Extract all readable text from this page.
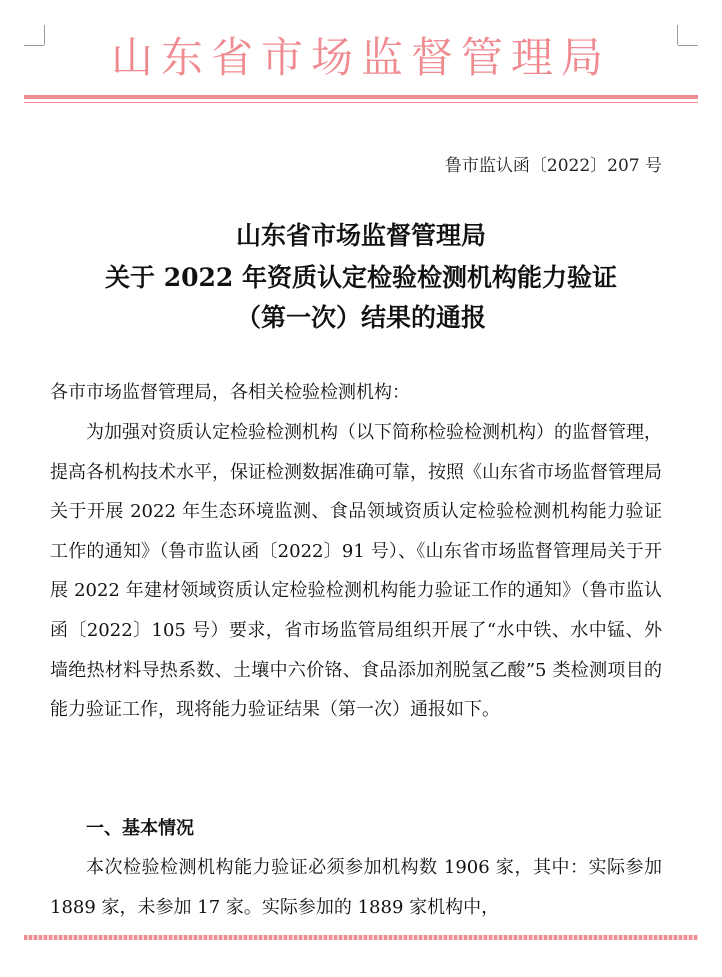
山东省市场监督管理局
鲁市监认函〔2022〕207 号
山东省市场监督管理局
关于 2022 年资质认定检验检测机构能力验证
（第一次）结果的通报
各市市场监督管理局，各相关检验检测机构：
为加强对资质认定检验检测机构（以下简称检验检测机构）的监督管理，提高各机构技术水平，保证检测数据准确可靠，按照《山东省市场监督管理局关于开展 2022 年生态环境监测、食品领域资质认定检验检测机构能力验证工作的通知》（鲁市监认函〔2022〕91 号）、《山东省市场监督管理局关于开展 2022 年建材领域资质认定检验检测机构能力验证工作的通知》（鲁市监认函〔2022〕105 号）要求，省市场监管局组织开展了“水中铁、水中锰、外墙绝热材料导热系数、土壤中六价铬、食品添加剂脱氢乙酸”5 类检测项目的能力验证工作，现将能力验证结果（第一次）通报如下。
一、基本情况
本次检验检测机构能力验证必须参加机构数 1906 家，其中：实际参加 1889 家，未参加 17 家。实际参加的 1889 家机构中，
